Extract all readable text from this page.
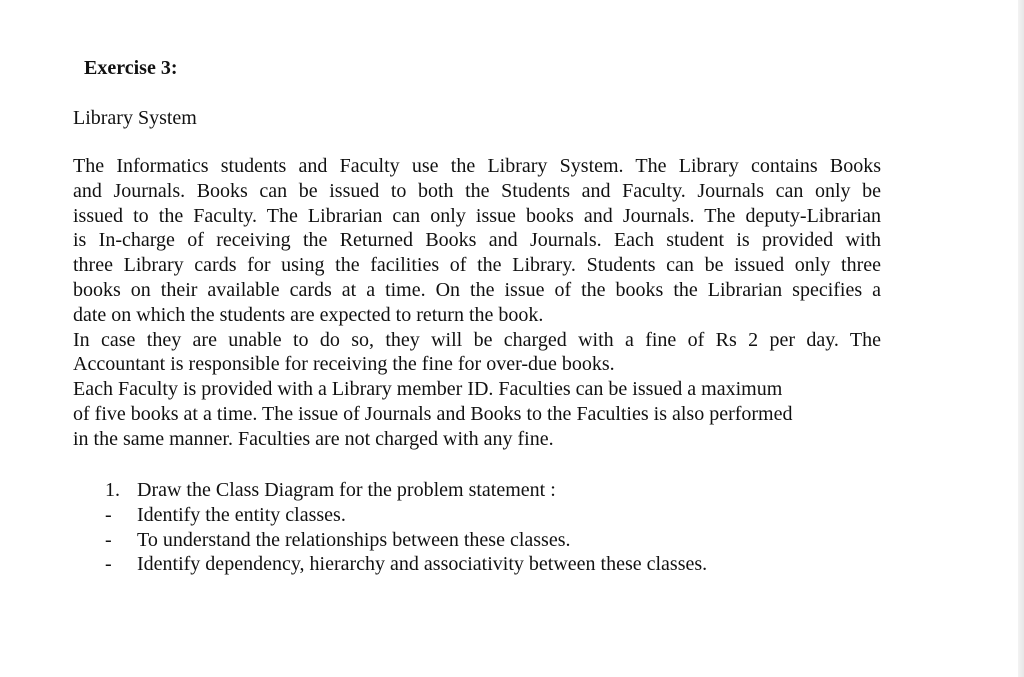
Exercise 3:
Library System
The Informatics students and Faculty use the Library System. The Library contains Books
and Journals. Books can be issued to both the Students and Faculty. Journals can only be
issued to the Faculty. The Librarian can only issue books and Journals. The deputy-Librarian
is In-charge of receiving the Returned Books and Journals. Each student is provided with
three Library cards for using the facilities of the Library. Students can be issued only three
books on their available cards at a time. On the issue of the books the Librarian specifies a
date on which the students are expected to return the book.
In case they are unable to do so, they will be charged with a fine of Rs 2 per day. The
Accountant is responsible for receiving the fine for over-due books.
Each Faculty is provided with a Library member ID. Faculties can be issued a maximum
of five books at a time. The issue of Journals and Books to the Faculties is also performed
in the same manner. Faculties are not charged with any fine.
1. Draw the Class Diagram for the problem statement :
-	Identify the entity classes.
-	To understand the relationships between these classes.
-	Identify dependency, hierarchy and associativity between these classes.
